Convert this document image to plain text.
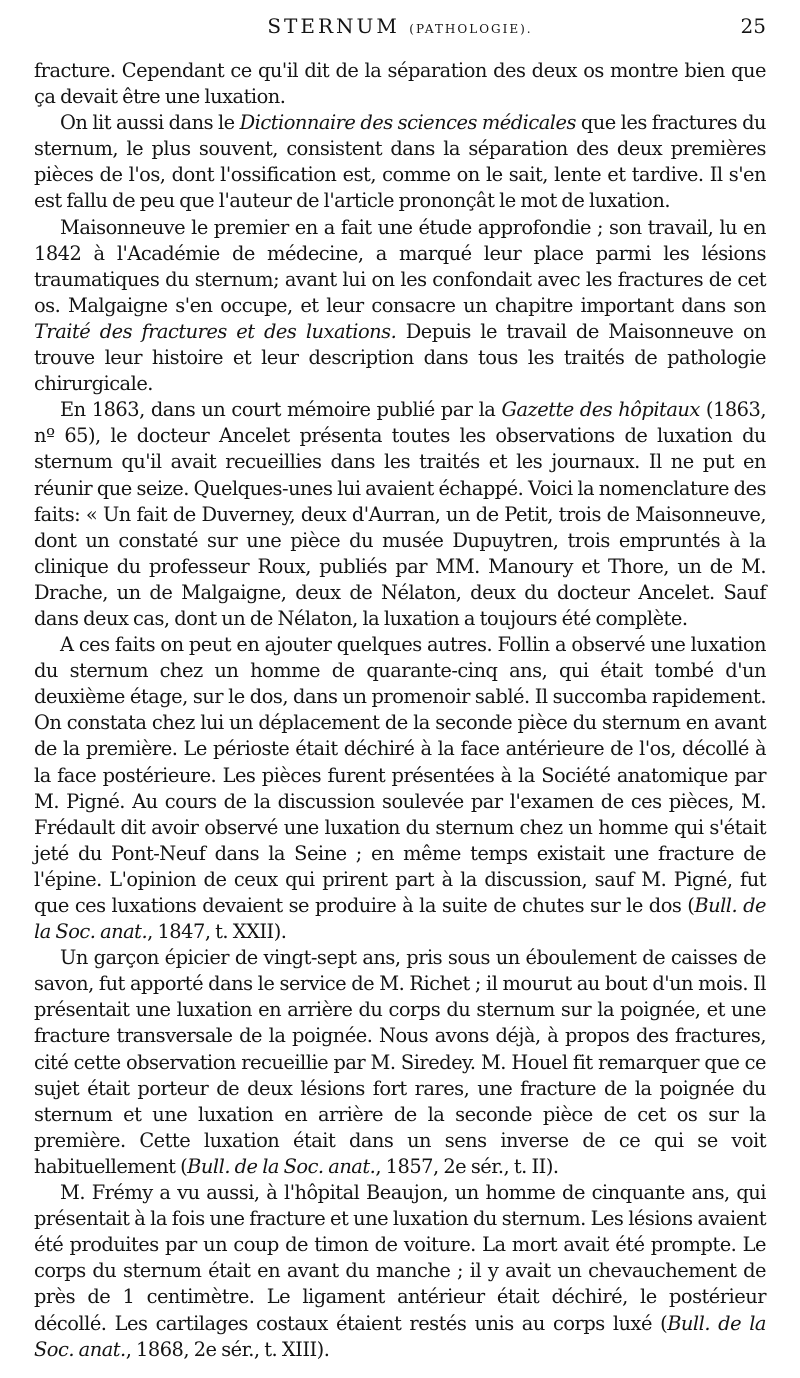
STERNUM (PATHOLOGIE).	25

fracture. Cependant ce qu'il dit de la séparation des deux os montre bien que ça devait être une luxation.

On lit aussi dans le Dictionnaire des sciences médicales que les fractures du sternum, le plus souvent, consistent dans la séparation des deux premières pièces de l'os, dont l'ossification est, comme on le sait, lente et tardive. Il s'en est fallu de peu que l'auteur de l'article prononçât le mot de luxation.

Maisonneuve le premier en a fait une étude approfondie ; son travail, lu en 1842 à l'Académie de médecine, a marqué leur place parmi les lésions traumatiques du sternum; avant lui on les confondait avec les fractures de cet os. Malgaigne s'en occupe, et leur consacre un chapitre important dans son Traité des fractures et des luxations. Depuis le travail de Maisonneuve on trouve leur histoire et leur description dans tous les traités de pathologie chirurgicale.

En 1863, dans un court mémoire publié par la Gazette des hôpitaux (1863, nº 65), le docteur Ancelet présenta toutes les observations de luxation du sternum qu'il avait recueillies dans les traités et les journaux. Il ne put en réunir que seize. Quelques-unes lui avaient échappé. Voici la nomenclature des faits: « Un fait de Duverney, deux d'Aurran, un de Petit, trois de Maisonneuve, dont un constaté sur une pièce du musée Dupuytren, trois empruntés à la clinique du professeur Roux, publiés par MM. Manoury et Thore, un de M. Drache, un de Malgaigne, deux de Nélaton, deux du docteur Ancelet. Sauf dans deux cas, dont un de Nélaton, la luxation a toujours été complète.

A ces faits on peut en ajouter quelques autres. Follin a observé une luxation du sternum chez un homme de quarante-cinq ans, qui était tombé d'un deuxième étage, sur le dos, dans un promenoir sablé. Il succomba rapidement. On constata chez lui un déplacement de la seconde pièce du sternum en avant de la première. Le périoste était déchiré à la face antérieure de l'os, décollé à la face postérieure. Les pièces furent présentées à la Société anatomique par M. Pigné. Au cours de la discussion soulevée par l'examen de ces pièces, M. Frédault dit avoir observé une luxation du sternum chez un homme qui s'était jeté du Pont-Neuf dans la Seine ; en même temps existait une fracture de l'épine. L'opinion de ceux qui prirent part à la discussion, sauf M. Pigné, fut que ces luxations devaient se produire à la suite de chutes sur le dos (Bull. de la Soc. anat., 1847, t. XXII).

Un garçon épicier de vingt-sept ans, pris sous un éboulement de caisses de savon, fut apporté dans le service de M. Richet ; il mourut au bout d'un mois. Il présentait une luxation en arrière du corps du sternum sur la poignée, et une fracture transversale de la poignée. Nous avons déjà, à propos des fractures, cité cette observation recueillie par M. Siredey. M. Houel fit remarquer que ce sujet était porteur de deux lésions fort rares, une fracture de la poignée du sternum et une luxation en arrière de la seconde pièce de cet os sur la première. Cette luxation était dans un sens inverse de ce qui se voit habituellement (Bull. de la Soc. anat., 1857, 2e sér., t. II).

M. Frémy a vu aussi, à l'hôpital Beaujon, un homme de cinquante ans, qui présentait à la fois une fracture et une luxation du sternum. Les lésions avaient été produites par un coup de timon de voiture. La mort avait été prompte. Le corps du sternum était en avant du manche ; il y avait un chevauchement de près de 1 centimètre. Le ligament antérieur était déchiré, le postérieur décollé. Les cartilages costaux étaient restés unis au corps luxé (Bull. de la Soc. anat., 1868, 2e sér., t. XIII).
